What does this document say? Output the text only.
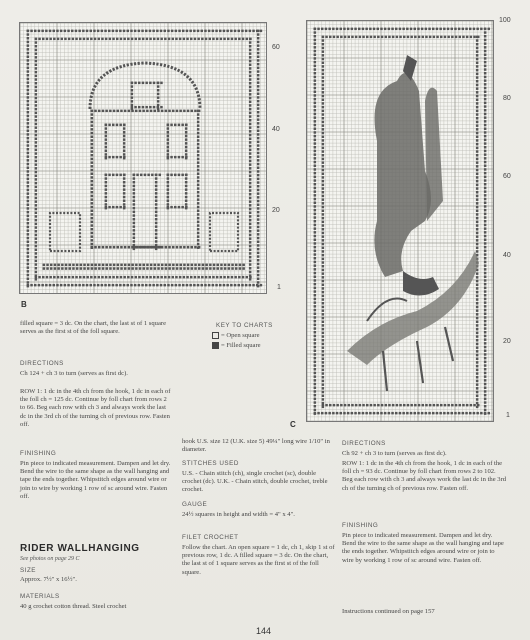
60
40
20
1
B
100
80
60
40
20
1
C
filled square = 3 dc. On the chart, the last st of 1 square serves as the first st of the foll square.
DIRECTIONS
Ch 124 + ch 3 to turn (serves as first dc).
ROW 1: 1 dc in the 4th ch from the hook, 1 dc in each of the foll ch = 125 dc. Continue by foll chart from rows 2 to 66. Beg each row with ch 3 and always work the last dc in the 3rd ch of the turning ch of previous row. Fasten off.
FINISHING
Pin piece to indicated measurement. Dampen and let dry. Bend the wire to the same shape as the wall hanging and tape the ends together. Whipstitch edges around wire or join to wire by working 1 row of sc around wire. Fasten off.
RIDER WALLHANGING
See photos on page 29 C
SIZE
Approx. 7½" x 16½".
MATERIALS
40 g crochet cotton thread. Steel crochet
KEY TO CHARTS
= Open square
= Filled square
hook U.S. size 12 (U.K. size 5) 49¼" long wire 1/10" in diameter.
STITCHES USED
U.S. - Chain stitch (ch), single crochet (sc), double crochet (dc). U.K. - Chain stitch, double crochet, treble crochet.
GAUGE
24½ squares in height and width = 4" x 4".
FILET CROCHET
Follow the chart. An open square = 1 dc, ch 1, skip 1 st of previous row, 1 dc. A filled square = 3 dc. On the chart, the last st of 1 square serves as the first st of the foll square.
DIRECTIONS
Ch 92 + ch 3 to turn (serves as first dc).
ROW 1: 1 dc in the 4th ch from the hook, 1 dc in each of the foll ch = 93 dc. Continue by foll chart from rows 2 to 102. Beg each row with ch 3 and always work the last dc in the 3rd ch of the turning ch of previous row. Fasten off.
FINISHING
Pin piece to indicated measurement. Dampen and let dry. Bend the wire to the same shape as the wall hanging and tape the ends together. Whipstitch edges around wire or join to wire by working 1 row of sc around wire. Fasten off.
Instructions continued on page 157
144
